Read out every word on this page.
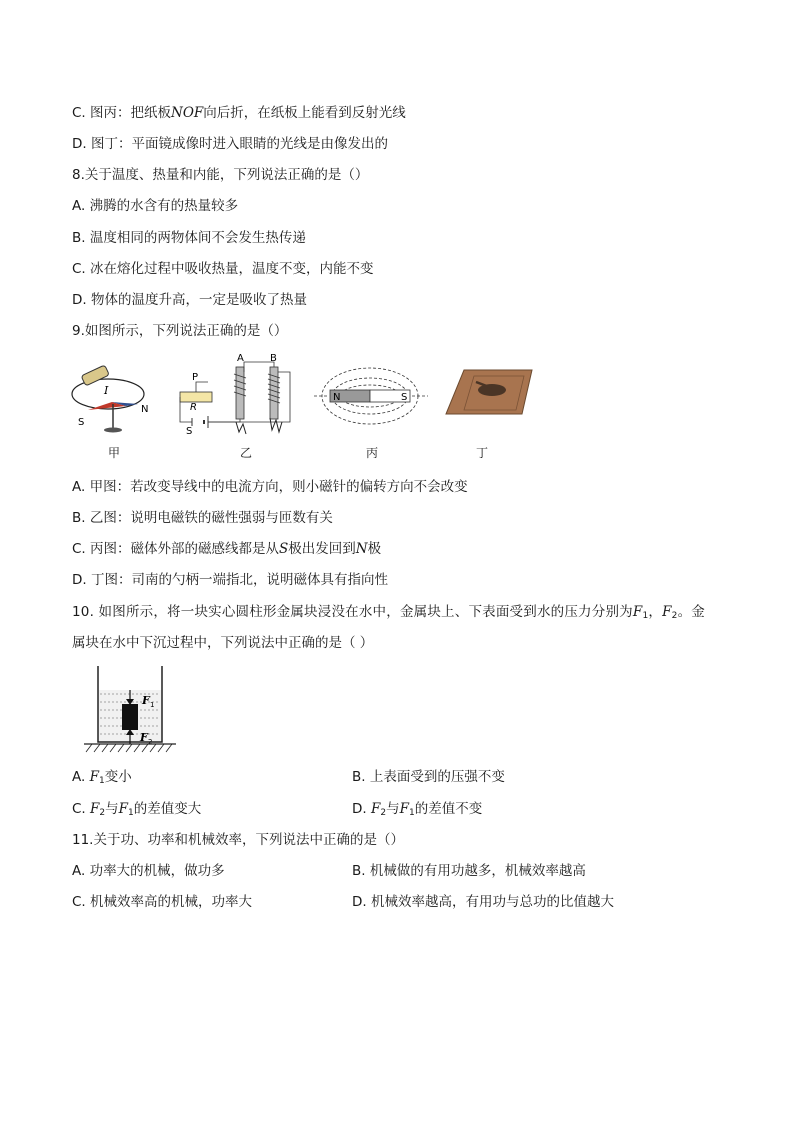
C. 图丙：把纸板NOF向后折，在纸板上能看到反射光线
D. 图丁：平面镜成像时进入眼睛的光线是由像发出的
8.关于温度、热量和内能，下列说法正确的是（）
A. 沸腾的水含有的热量较多
B. 温度相同的两物体间不会发生热传递
C. 冰在熔化过程中吸收热量，温度不变，内能不变
D. 物体的温度升高，一定是吸收了热量
9.如图所示，下列说法正确的是（）
I
S
N
甲
A	B
P
R
S
乙
N	S
丙	丁
A. 甲图：若改变导线中的电流方向，则小磁针的偏转方向不会改变
B. 乙图：说明电磁铁的磁性强弱与匝数有关
C. 丙图：磁体外部的磁感线都是从S极出发回到N极
D. 丁图：司南的勺柄一端指北，说明磁体具有指向性
10. 如图所示，将一块实心圆柱形金属块浸没在水中，金属块上、下表面受到水的压力分别为$F_1$，$F_2$。金
属块在水中下沉过程中，下列说法中正确的是（ ）
F 1
F 2
A. $F_1$变小	B. 上表面受到的压强不变
C. $F_2$与$F_1$的差值变大	D. $F_2$与$F_1$的差值不变
11.关于功、功率和机械效率，下列说法中正确的是（）
A. 功率大的机械，做功多	B. 机械做的有用功越多，机械效率越高
C. 机械效率高的机械，功率大	D. 机械效率越高，有用功与总功的比值越大
